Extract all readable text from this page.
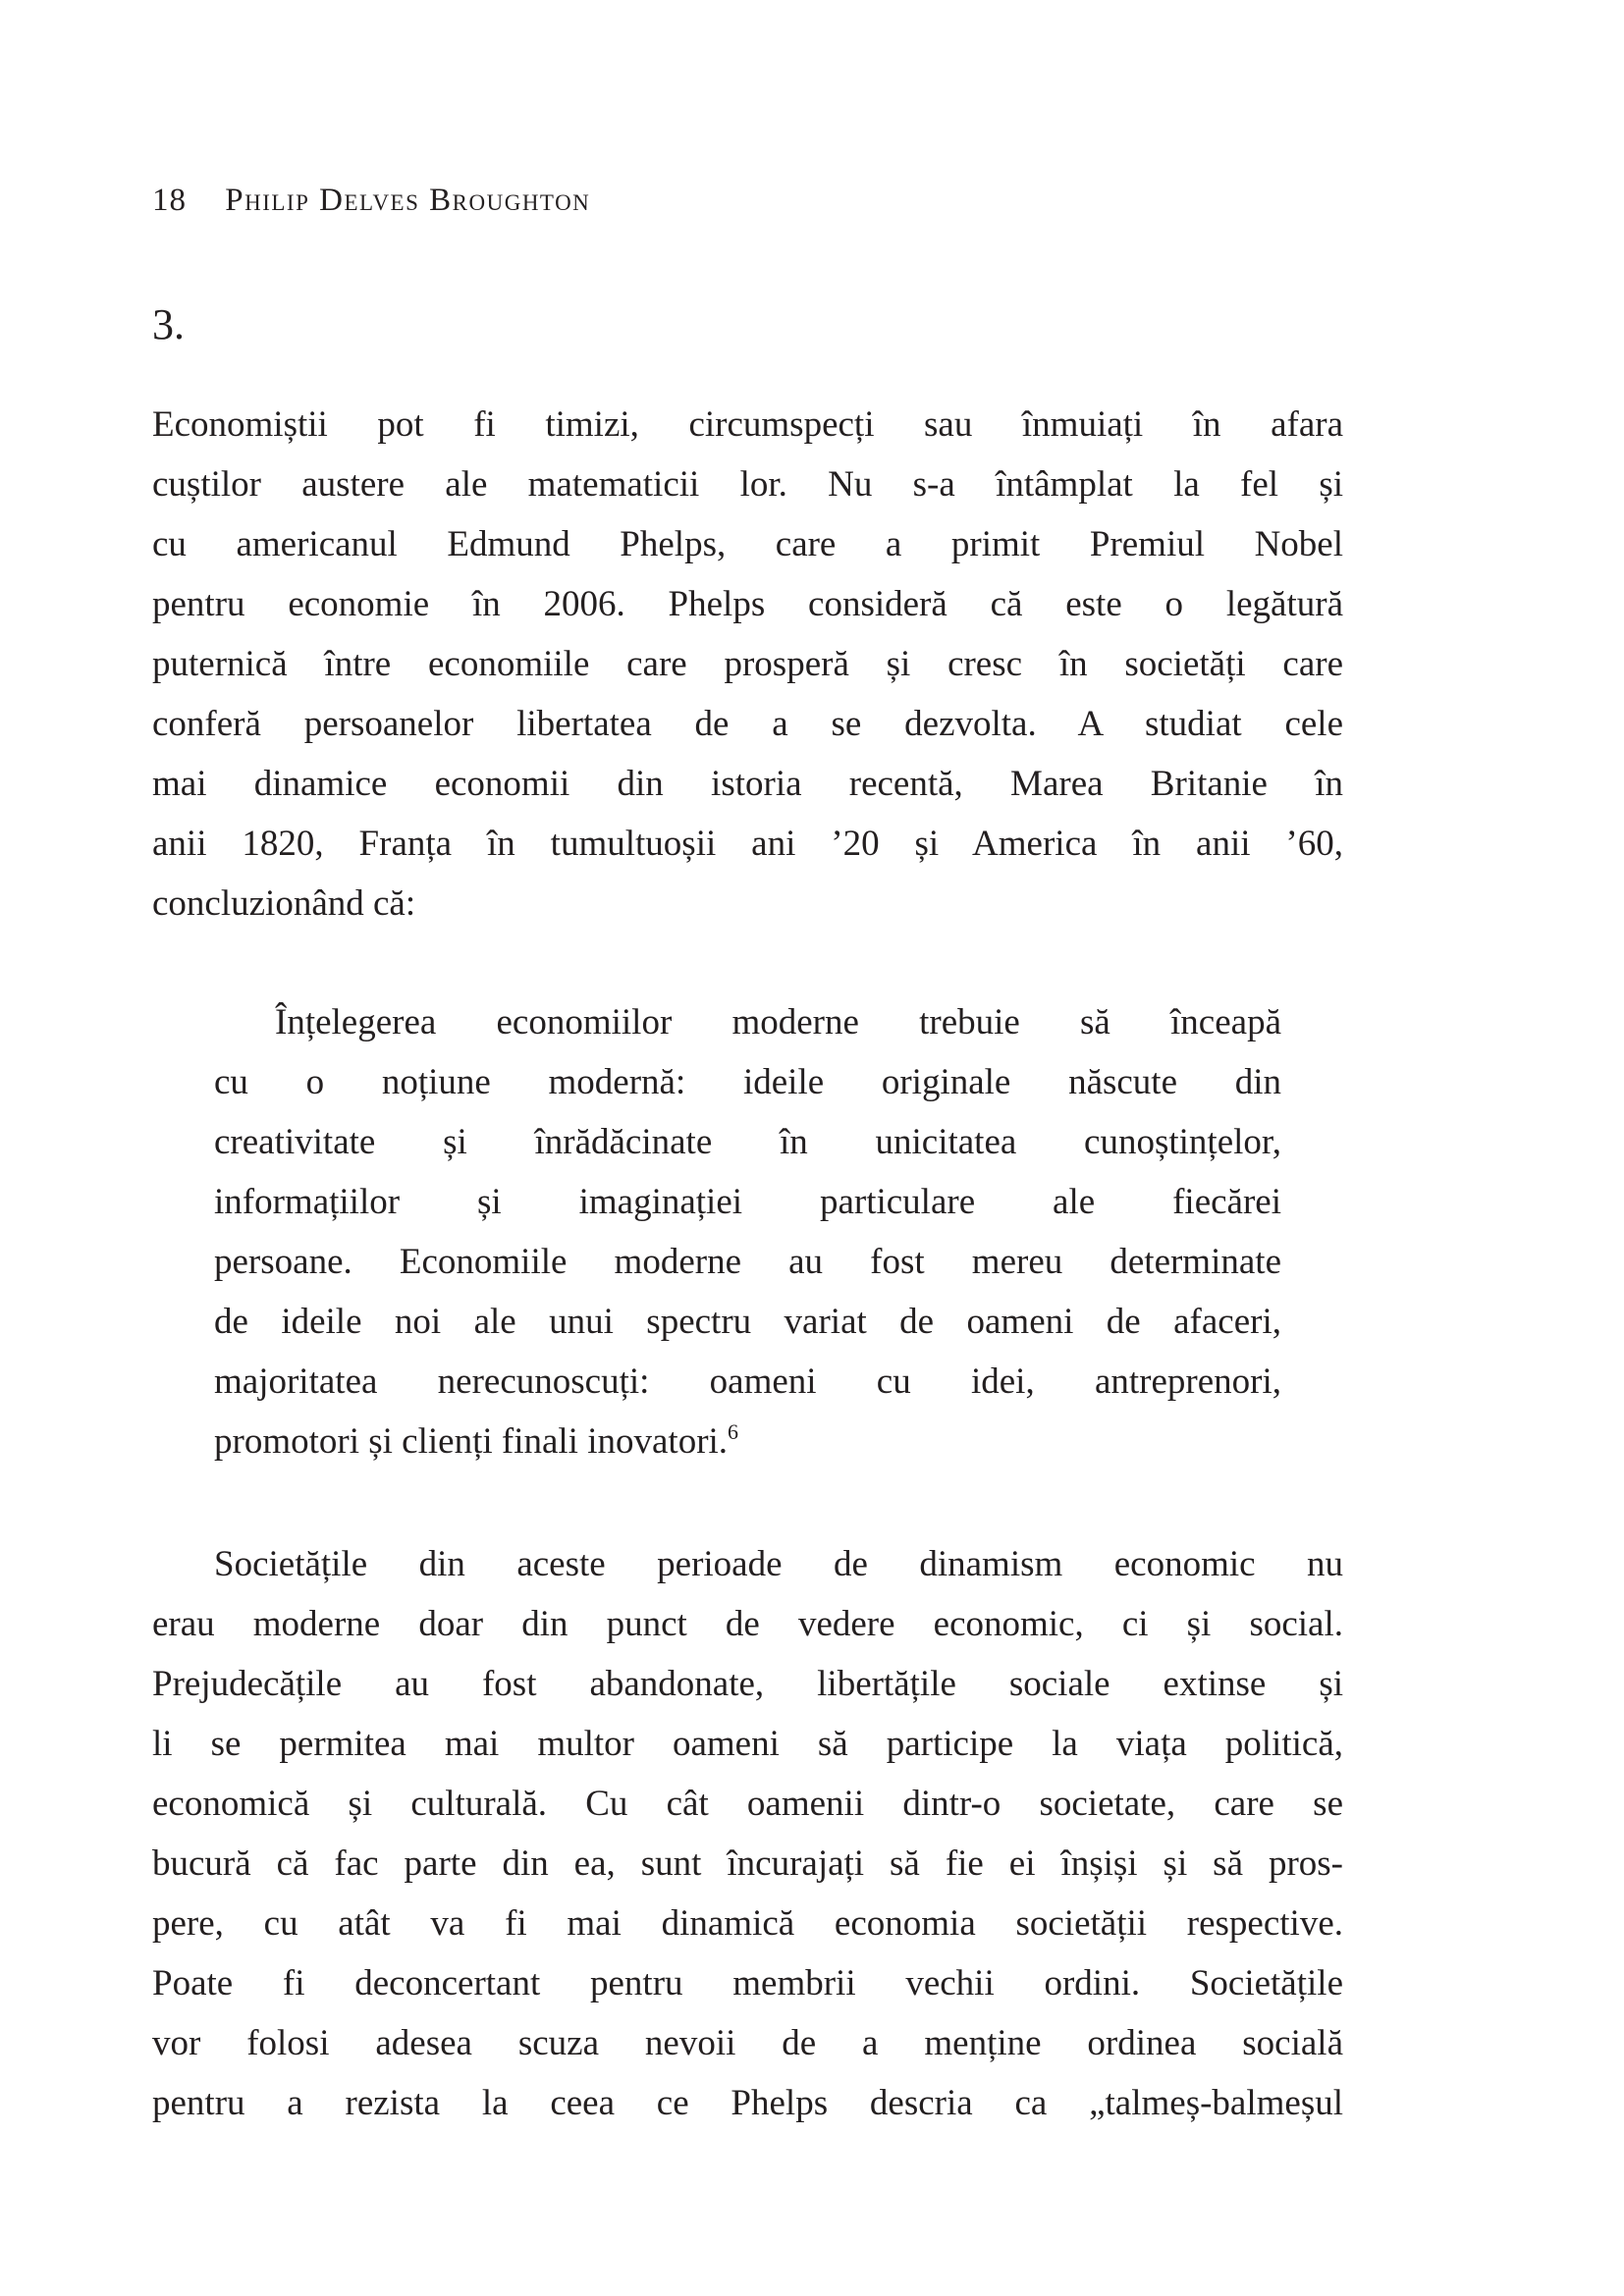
18 Philip Delves Broughton
3.
Economiștii pot fi timizi, circumspecți sau înmuiați în afara
cuștilor austere ale matematicii lor. Nu s-a întâmplat la fel și
cu americanul Edmund Phelps, care a primit Premiul Nobel
pentru economie în 2006. Phelps consideră că este o legătură
puternică între economiile care prosperă și cresc în societăți care
conferă persoanelor libertatea de a se dezvolta. A studiat cele
mai dinamice economii din istoria recentă, Marea Britanie în
anii 1820, Franța în tumultuoșii ani ’20 și America în anii ’60,
concluzionând că:
Înțelegerea economiilor moderne trebuie să înceapă
cu o noțiune modernă: ideile originale născute din
creativitate și înrădăcinate în unicitatea cunoștințelor,
informațiilor și imaginației particulare ale fiecărei
persoane. Economiile moderne au fost mereu determinate
de ideile noi ale unui spectru variat de oameni de afaceri,
majoritatea nerecunoscuți: oameni cu idei, antreprenori,
promotori și clienți finali inovatori.$^6$
Societățile din aceste perioade de dinamism economic nu
erau moderne doar din punct de vedere economic, ci și social.
Prejudecățile au fost abandonate, libertățile sociale extinse și
li se permitea mai multor oameni să participe la viața politică,
economică și culturală. Cu cât oamenii dintr-o societate, care se
bucură că fac parte din ea, sunt încurajați să fie ei înșiși și să pros-
pere, cu atât va fi mai dinamică economia societății respective.
Poate fi deconcertant pentru membrii vechii ordini. Societățile
vor folosi adesea scuza nevoii de a menține ordinea socială
pentru a rezista la ceea ce Phelps descria ca „talmeș-balmeșul
